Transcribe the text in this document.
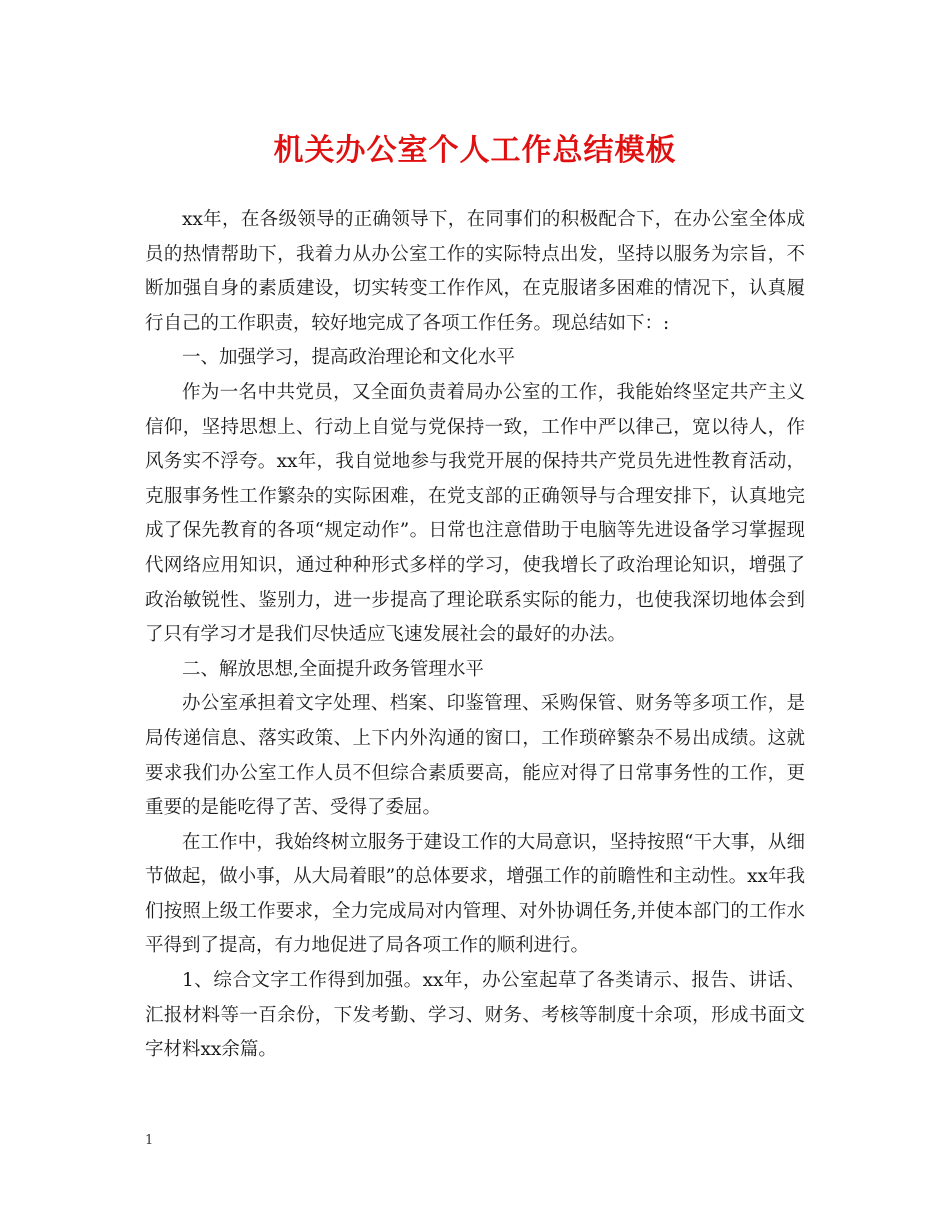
机关办公室个人工作总结模板

xx年，在各级领导的正确领导下，在同事们的积极配合下，在办公室全体成员的热情帮助下，我着力从办公室工作的实际特点出发，坚持以服务为宗旨，不断加强自身的素质建设，切实转变工作作风，在克服诸多困难的情况下，认真履行自己的工作职责，较好地完成了各项工作任务。现总结如下：:

一、加强学习，提高政治理论和文化水平

作为一名中共党员，又全面负责着局办公室的工作，我能始终坚定共产主义信仰，坚持思想上、行动上自觉与党保持一致，工作中严以律己，宽以待人，作风务实不浮夸。xx年，我自觉地参与我党开展的保持共产党员先进性教育活动，克服事务性工作繁杂的实际困难，在党支部的正确领导与合理安排下，认真地完成了保先教育的各项“规定动作”。日常也注意借助于电脑等先进设备学习掌握现代网络应用知识，通过种种形式多样的学习，使我增长了政治理论知识，增强了政治敏锐性、鉴别力，进一步提高了理论联系实际的能力，也使我深切地体会到了只有学习才是我们尽快适应飞速发展社会的最好的办法。

二、解放思想,全面提升政务管理水平

办公室承担着文字处理、档案、印鉴管理、采购保管、财务等多项工作，是局传递信息、落实政策、上下内外沟通的窗口，工作琐碎繁杂不易出成绩。这就要求我们办公室工作人员不但综合素质要高，能应对得了日常事务性的工作，更重要的是能吃得了苦、受得了委屈。

在工作中，我始终树立服务于建设工作的大局意识，坚持按照“干大事，从细节做起，做小事，从大局着眼”的总体要求，增强工作的前瞻性和主动性。xx年我们按照上级工作要求，全力完成局对内管理、对外协调任务,并使本部门的工作水平得到了提高，有力地促进了局各项工作的顺利进行。

1、综合文字工作得到加强。xx年，办公室起草了各类请示、报告、讲话、汇报材料等一百余份，下发考勤、学习、财务、考核等制度十余项，形成书面文字材料xx余篇。

1
